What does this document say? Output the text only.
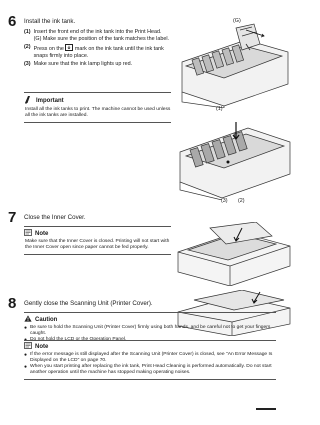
6 Install the ink tank.
(1) Insert the front end of the ink tank into the Print Head.

(G) Make sure the position of the tank matches the label.

(2) Press on the mark on the ink tank until the ink tank snaps firmly into place.

(3) Make sure that the ink lamp lights up red.

Important
Install all the ink tanks to print. The machine cannot be used unless all the ink tanks are installed.
(G)
(1)
(3) (2)
7 Close the Inner Cover.
Note
Make sure that the Inner Cover is closed. Printing will not start with the Inner Cover open since paper cannot be fed properly.
8 Gently close the Scanning Unit (Printer Cover).
Caution
● Be sure to hold the Scanning Unit (Printer Cover) firmly using both hands, and be careful not to get your fingers caught.
● Do not hold the LCD or the Operation Panel.
Note
● If the error message is still displayed after the Scanning Unit (Printer Cover) is closed, see "An Error Message Is Displayed on the LCD" on page 70.
● When you start printing after replacing the ink tank, Print Head Cleaning is performed automatically. Do not start another operation until the machine has stopped making operating noises.
